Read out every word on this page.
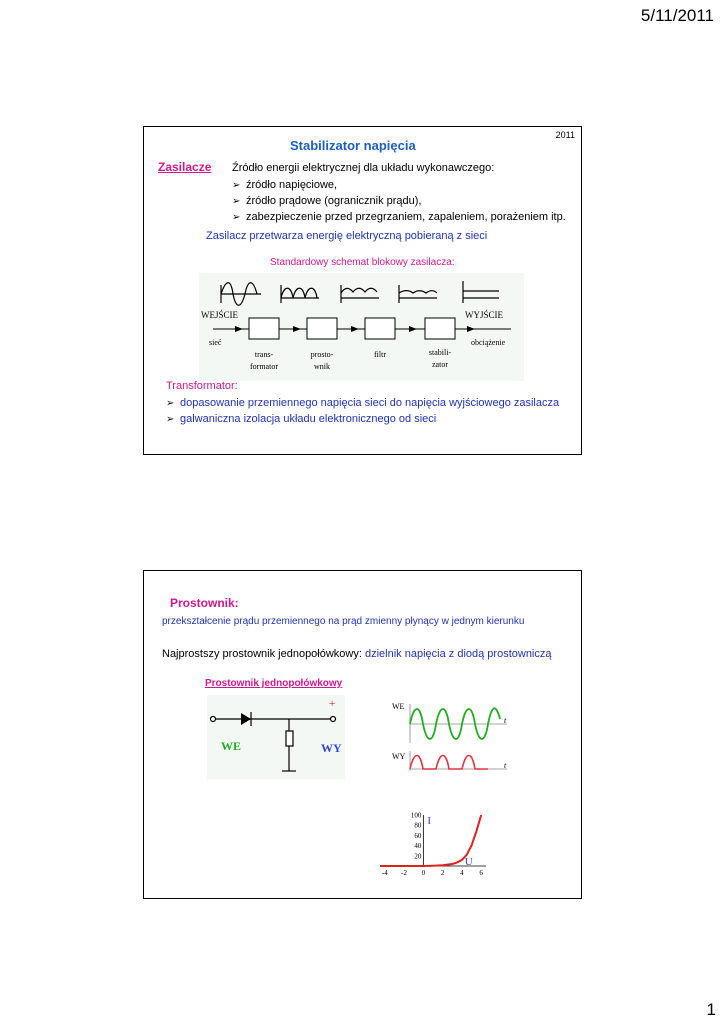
5/11/2011
2011
Stabilizator napięcia
Zasilacze Źródło energii elektrycznej dla układu wykonawczego:
➢ źródło napięciowe,
➢ źródło prądowe (ogranicznik prądu),
➢ zabezpieczenie przed przegrzaniem, zapaleniem, porażeniem itp.
Zasilacz przetwarza energię elektryczną pobieraną z sieci
Standardowy schemat blokowy zasilacza:
WEJŚCIE	WYJŚCIE
sieć	obciążenie
trans-
formator
prosto-
wnik
filtr	stabili-
zator
Transformator:
➢ dopasowanie przemiennego napięcia sieci do napięcia wyjściowego zasilacza
➢ galwaniczna izolacja układu elektronicznego od sieci
Prostownik:
przekształcenie prądu przemiennego na prąd zmienny płynący w jednym kierunku
Najprostszy prostownik jednopołówkowy: dzielnik napięcia z diodą prostowniczą
Prostownik jednopołówkowy
+
WE	WY
WE
WY
t
t
-4 -2 0 2 4 6
20
40
60
80
100 I
U
1
